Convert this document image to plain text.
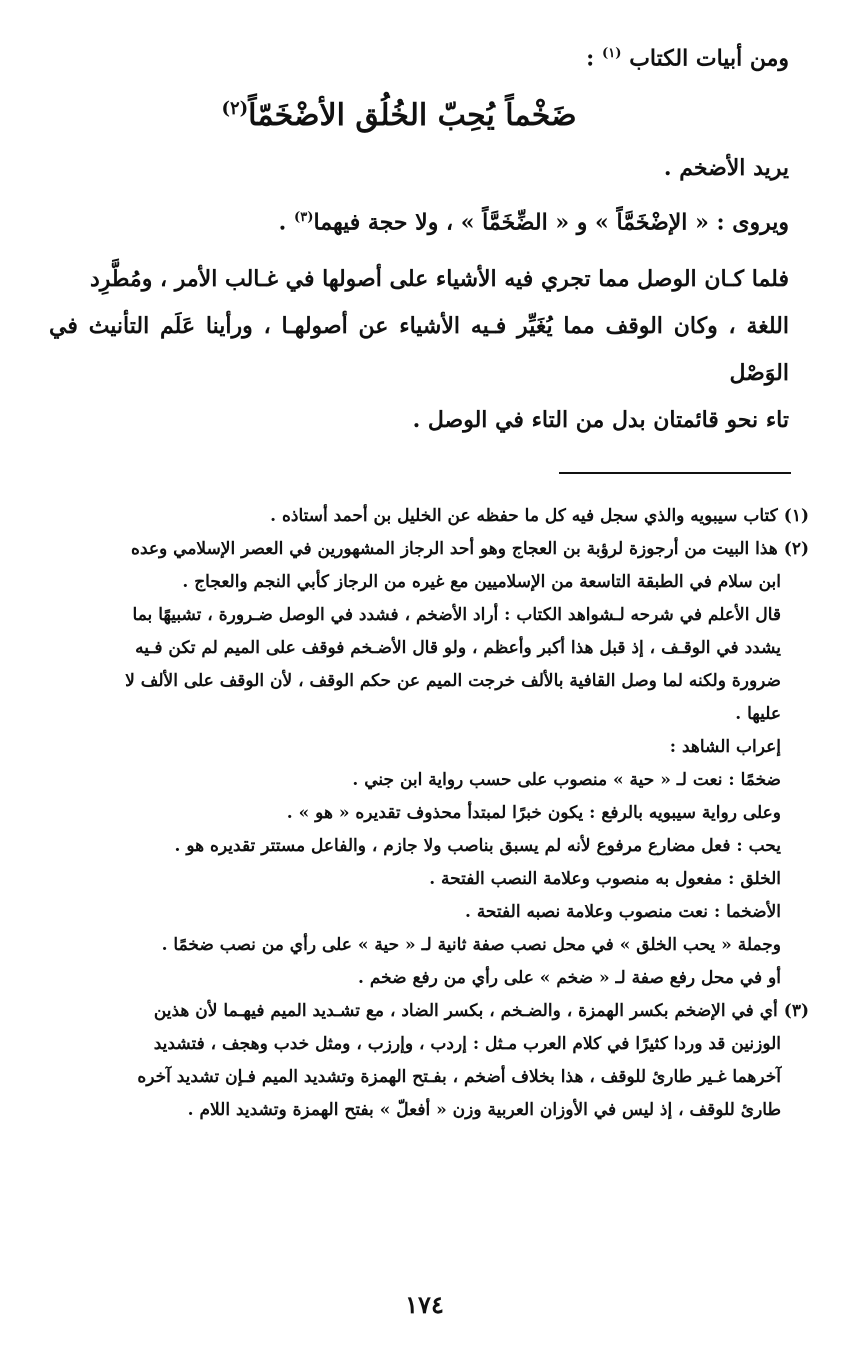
ومن أبيات الكتاب $^{(١)}$ :
ضَخْماً يُحِبّ الخُلُق الأضْخَمّاً$^{(٢)}$
يريد الأضخم .
ويروى : « الإضْخَمَّاً » و « الضِّخَمَّاً » ، ولا حجة فيهما$^{(٣)}$ .
فلما كـان الوصل مما تجري فيه الأشياء على أصولها في غـالب الأمر ، ومُطَّرِد
اللغة ، وكان الوقف مما يُغَيِّر فـيه الأشياء عن أصولهـا ، ورأينا عَلَم التأنيث في الوَصْل
تاء نحو قائمتان بدل من التاء في الوصل .
(١)كتاب سيبويه والذي سجل فيه كل ما حفظه عن الخليل بن أحمد أستاذه .
(٢)هذا البيت من أرجوزة لرؤبة بن العجاج وهو أحد الرجاز المشهورين في العصر الإسلامي وعده
ابن سلام في الطبقة التاسعة من الإسلاميين مع غيره من الرجاز كأبي النجم والعجاج .
قال الأعلم في شرحه لـشواهد الكتاب : أراد الأضخم ، فشدد في الوصل ضـرورة ، تشبيهًا بما
يشدد في الوقـف ، إذ قبل هذا أكبر وأعظم ، ولو قال الأضـخم فوقف على الميم لم تكن فـيه
ضرورة ولكنه لما وصل القافية بالألف خرجت الميم عن حكم الوقف ، لأن الوقف على الألف لا
عليها .
إعراب الشاهد :
ضخمًا : نعت لـ « حية » منصوب على حسب رواية ابن جني .
وعلى رواية سيبويه بالرفع : يكون خبرًا لمبتدأ محذوف تقديره « هو » .
يحب : فعل مضارع مرفوع لأنه لم يسبق بناصب ولا جازم ، والفاعل مستتر تقديره هو .
الخلق : مفعول به منصوب وعلامة النصب الفتحة .
الأضخما : نعت منصوب وعلامة نصبه الفتحة .
وجملة « يحب الخلق » في محل نصب صفة ثانية لـ « حية » على رأي من نصب ضخمًا .
أو في محل رفع صفة لـ « ضخم » على رأي من رفع ضخم .
(٣)أي في الإضخم بكسر الهمزة ، والضـخم ، بكسر الضاد ، مع تشـديد الميم فيهـما لأن هذين
الوزنين قد وردا كثيرًا في كلام العرب مـثل : إردب ، وإرزب ، ومثل خدب وهجف ، فتشديد
آخرهما غـير طارئ للوقف ، هذا بخلاف أضخم ، بفـتح الهمزة وتشديد الميم فـإن تشديد آخره
طارئ للوقف ، إذ ليس في الأوزان العربية وزن « أفعلّ » بفتح الهمزة وتشديد اللام .
١٧٤
